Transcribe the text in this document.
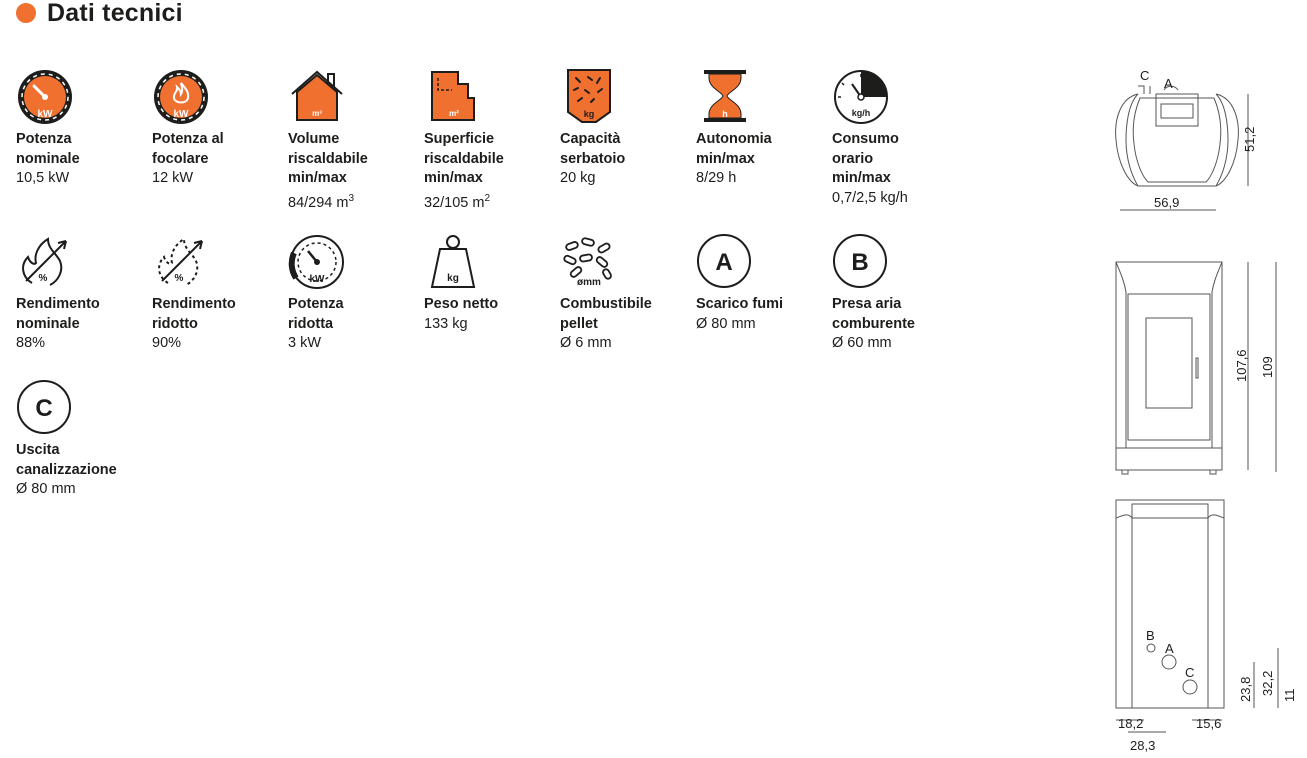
Dati tecnici
kW
Potenza
nominale
10,5 kW
kW
Potenza al
focolare
12 kW
m³
Volume
riscaldabile
min/max
84/294 $m^3$
m²
Superficie
riscaldabile
min/max
32/105 $m^2$
kg
Capacità
serbatoio
20 kg
h
Autonomia
min/max
8/29 h
kg/h
Consumo
orario
min/max
0,7/2,5 kg/h
%
Rendimento
nominale
88%
%
Rendimento
ridotto
90%
kW
Potenza
ridotta
3 kW
kg
Peso netto
133 kg
ømm
Combustibile
pellet
Ø 6 mm
A
Scarico fumi
Ø 80 mm
B
Presa aria
comburente
Ø 60 mm
C
Uscita
canalizzazione
Ø 80 mm
C
A
56,9
51,2
107,6 109
B
A
C
18,2	15,6
28,3
23,8 32,2 11
